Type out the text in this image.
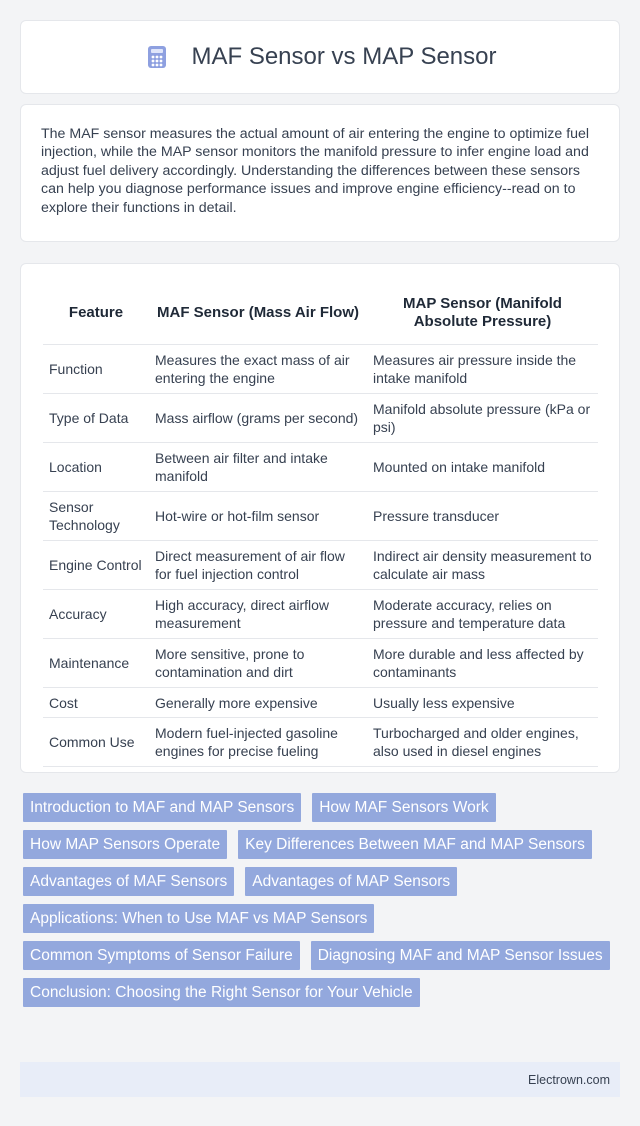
MAF Sensor vs MAP Sensor

The MAF sensor measures the actual amount of air entering the engine to optimize fuel injection, while the MAP sensor monitors the manifold pressure to infer engine load and adjust fuel delivery accordingly. Understanding the differences between these sensors can help you diagnose performance issues and improve engine efficiency--read on to explore their functions in detail.

Feature	MAF Sensor (Mass Air Flow)	MAP Sensor (Manifold Absolute Pressure)
Function	Measures the exact mass of air entering the engine	Measures air pressure inside the intake manifold
Type of Data	Mass airflow (grams per second)	Manifold absolute pressure (kPa or psi)
Location	Between air filter and intake manifold	Mounted on intake manifold
Sensor Technology	Hot-wire or hot-film sensor	Pressure transducer
Engine Control	Direct measurement of air flow for fuel injection control	Indirect air density measurement to calculate air mass
Accuracy	High accuracy, direct airflow measurement	Moderate accuracy, relies on pressure and temperature data
Maintenance	More sensitive, prone to contamination and dirt	More durable and less affected by contaminants
Cost	Generally more expensive	Usually less expensive
Common Use	Modern fuel-injected gasoline engines for precise fueling	Turbocharged and older engines, also used in diesel engines
Introduction to MAF and MAP Sensors	How MAF Sensors Work
How MAP Sensors Operate	Key Differences Between MAF and MAP Sensors
Advantages of MAF Sensors	Advantages of MAP Sensors
Applications: When to Use MAF vs MAP Sensors
Common Symptoms of Sensor Failure	Diagnosing MAF and MAP Sensor Issues
Conclusion: Choosing the Right Sensor for Your Vehicle
Electrown.com
